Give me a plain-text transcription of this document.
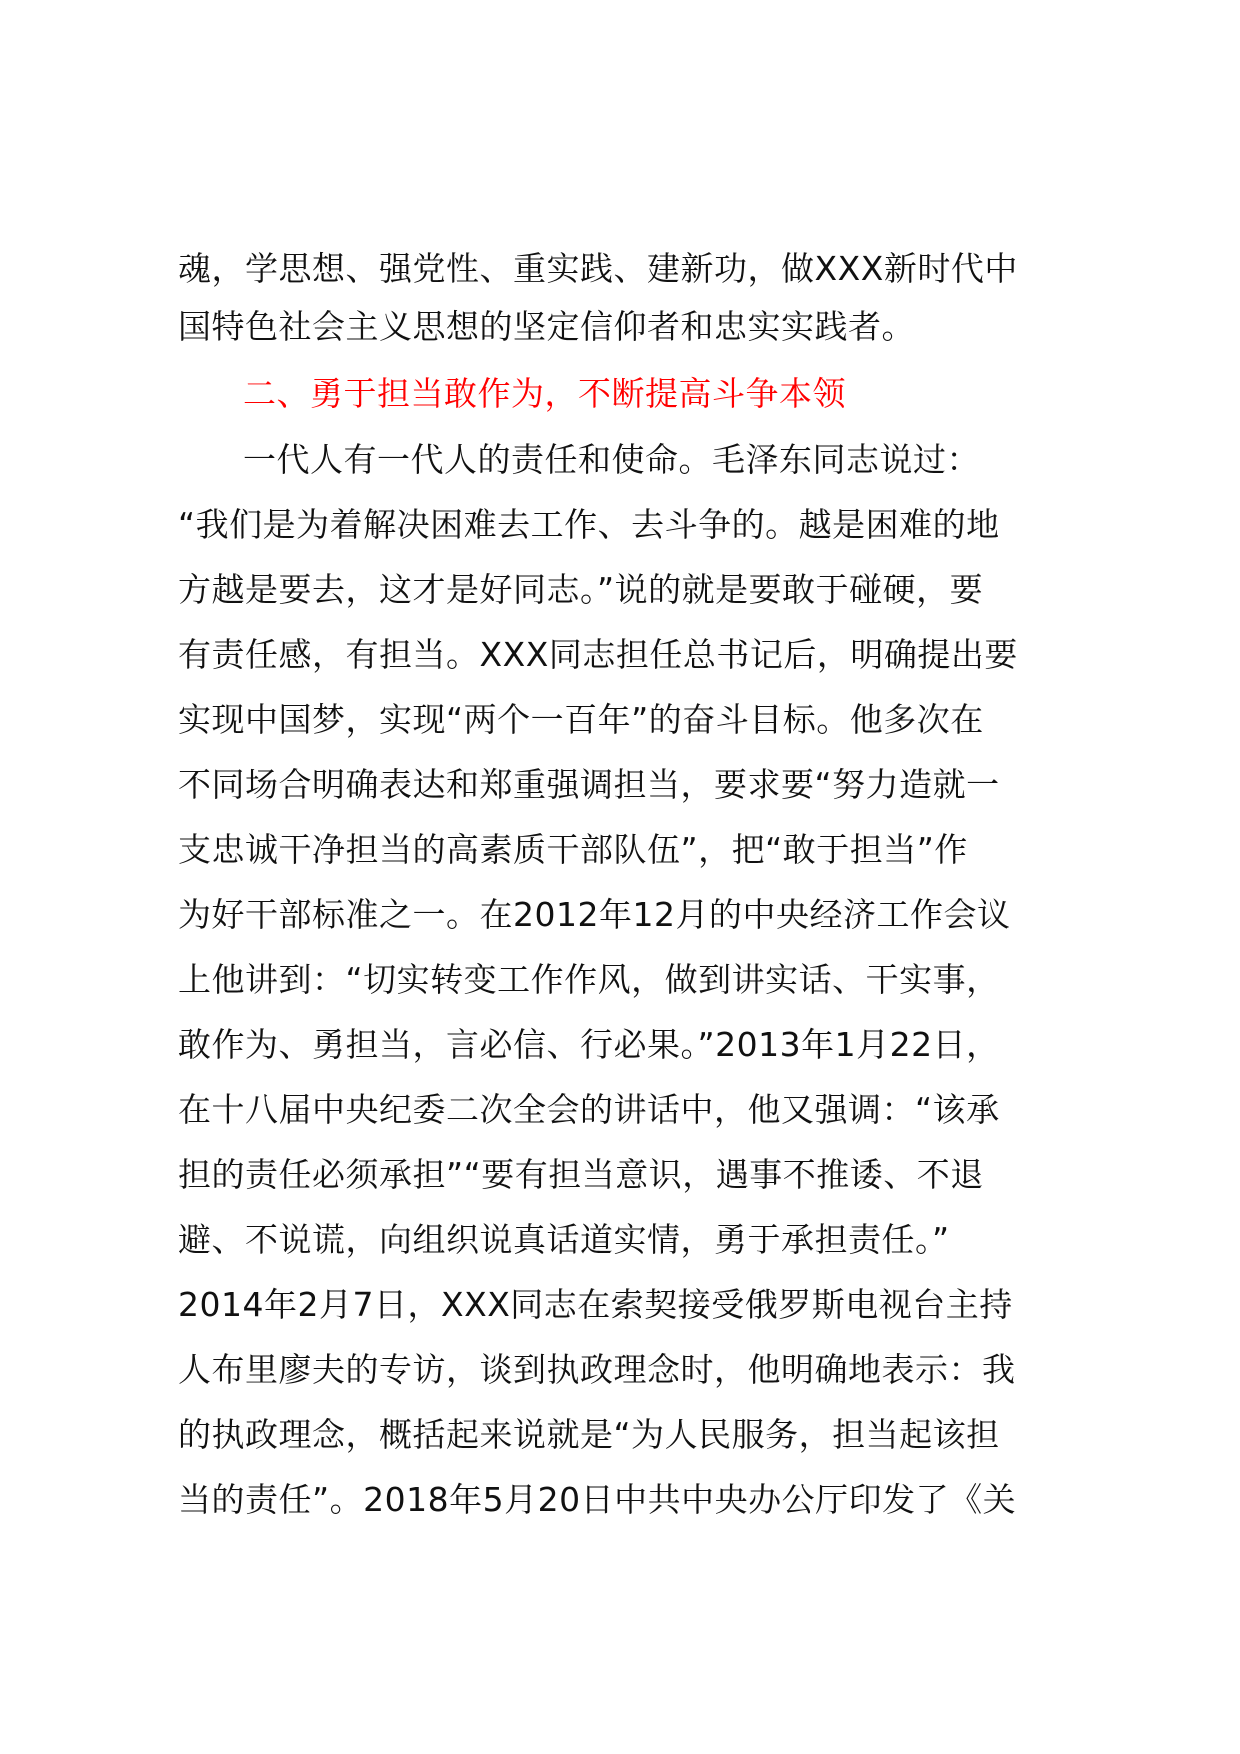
魂，学思想、强党性、重实践、建新功，做XXX新时代中
国特色社会主义思想的坚定信仰者和忠实实践者。
二、勇于担当敢作为，不断提高斗争本领
一代人有一代人的责任和使命。毛泽东同志说过：
“我们是为着解决困难去工作、去斗争的。越是困难的地
方越是要去，这才是好同志。”说的就是要敢于碰硬，要
有责任感，有担当。XXX同志担任总书记后，明确提出要
实现中国梦，实现“两个一百年”的奋斗目标。他多次在
不同场合明确表达和郑重强调担当，要求要“努力造就一
支忠诚干净担当的高素质干部队伍”，把“敢于担当”作
为好干部标准之一。在2012年12月的中央经济工作会议
上他讲到：“切实转变工作作风，做到讲实话、干实事，
敢作为、勇担当，言必信、行必果。”2013年1月22日，
在十八届中央纪委二次全会的讲话中，他又强调：“该承
担的责任必须承担”“要有担当意识，遇事不推诿、不退
避、不说谎，向组织说真话道实情，勇于承担责任。”
2014年2月7日，XXX同志在索契接受俄罗斯电视台主持
人布里廖夫的专访，谈到执政理念时，他明确地表示：我
的执政理念，概括起来说就是“为人民服务，担当起该担
当的责任”。2018年5月20日中共中央办公厅印发了《关
